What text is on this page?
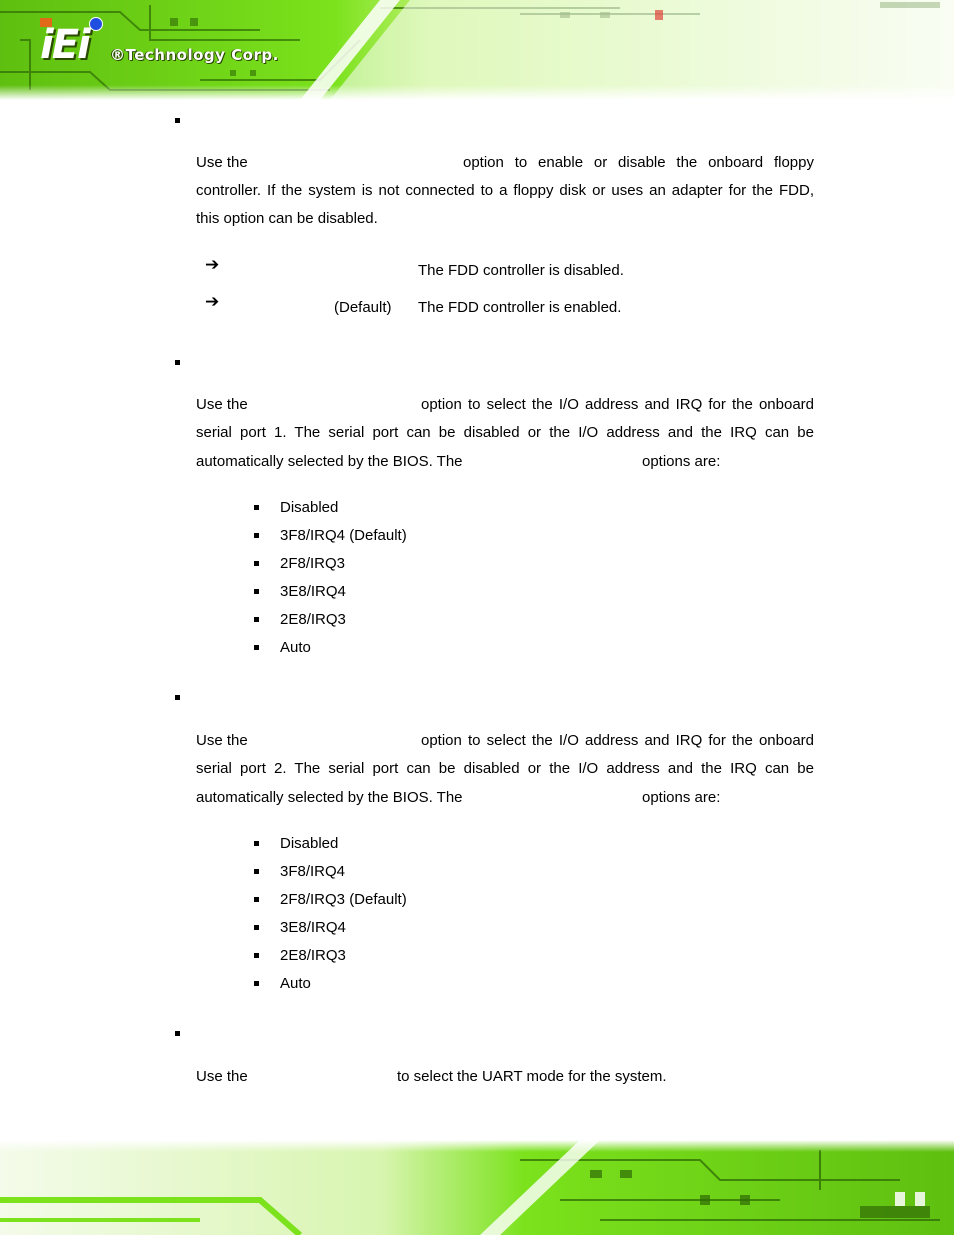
iEi ®Technology Corp.
Use the	option to enable or disable the onboard floppy
controller. If the system is not connected to a floppy disk or uses an adapter for the FDD,
this option can be disabled.
➔	The FDD controller is disabled.
➔	(Default) The FDD controller is enabled.
Use the	option to select the I/O address and IRQ for the onboard
serial port 1. The serial port can be disabled or the I/O address and the IRQ can be
automatically selected by the BIOS. The	options are:
Disabled
3F8/IRQ4 (Default)
2F8/IRQ3
3E8/IRQ4
2E8/IRQ3
Auto
Use the	option to select the I/O address and IRQ for the onboard
serial port 2. The serial port can be disabled or the I/O address and the IRQ can be
automatically selected by the BIOS. The	options are:
Disabled
3F8/IRQ4
2F8/IRQ3 (Default)
3E8/IRQ4
2E8/IRQ3
Auto
Use the	to select the UART mode for the system.
